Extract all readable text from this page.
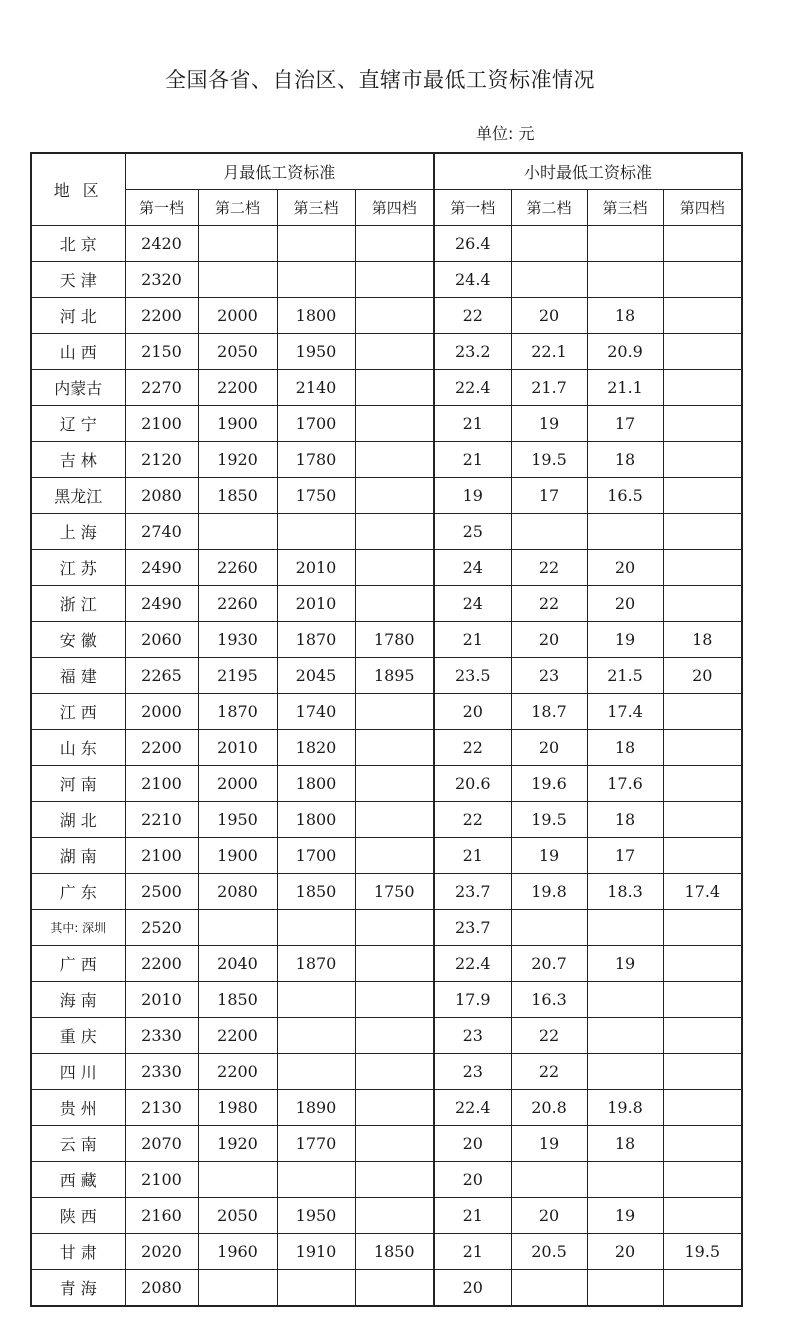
全国各省、自治区、直辖市最低工资标准情况
单位: 元
地 区	月最低工资标准				小时最低工资标准			
	第一档	第二档	第三档	第四档	第一档	第二档	第三档	第四档
北 京	2420				26.4			
天 津	2320				24.4			
河 北	2200	2000	1800		22	20	18	
山 西	2150	2050	1950		23.2	22.1	20.9	
内蒙古	2270	2200	2140		22.4	21.7	21.1	
辽 宁	2100	1900	1700		21	19	17	
吉 林	2120	1920	1780		21	19.5	18	
黑龙江	2080	1850	1750		19	17	16.5	
上 海	2740				25			
江 苏	2490	2260	2010		24	22	20	
浙 江	2490	2260	2010		24	22	20	
安 徽	2060	1930	1870	1780	21	20	19	18
福 建	2265	2195	2045	1895	23.5	23	21.5	20
江 西	2000	1870	1740		20	18.7	17.4	
山 东	2200	2010	1820		22	20	18	
河 南	2100	2000	1800		20.6	19.6	17.6	
湖 北	2210	1950	1800		22	19.5	18	
湖 南	2100	1900	1700		21	19	17	
广 东	2500	2080	1850	1750	23.7	19.8	18.3	17.4
其中: 深圳	2520				23.7			
广 西	2200	2040	1870		22.4	20.7	19	
海 南	2010	1850			17.9	16.3		
重 庆	2330	2200			23	22		
四 川	2330	2200			23	22		
贵 州	2130	1980	1890		22.4	20.8	19.8	
云 南	2070	1920	1770		20	19	18	
西 藏	2100				20			
陕 西	2160	2050	1950		21	20	19	
甘 肃	2020	1960	1910	1850	21	20.5	20	19.5
青 海	2080				20			
